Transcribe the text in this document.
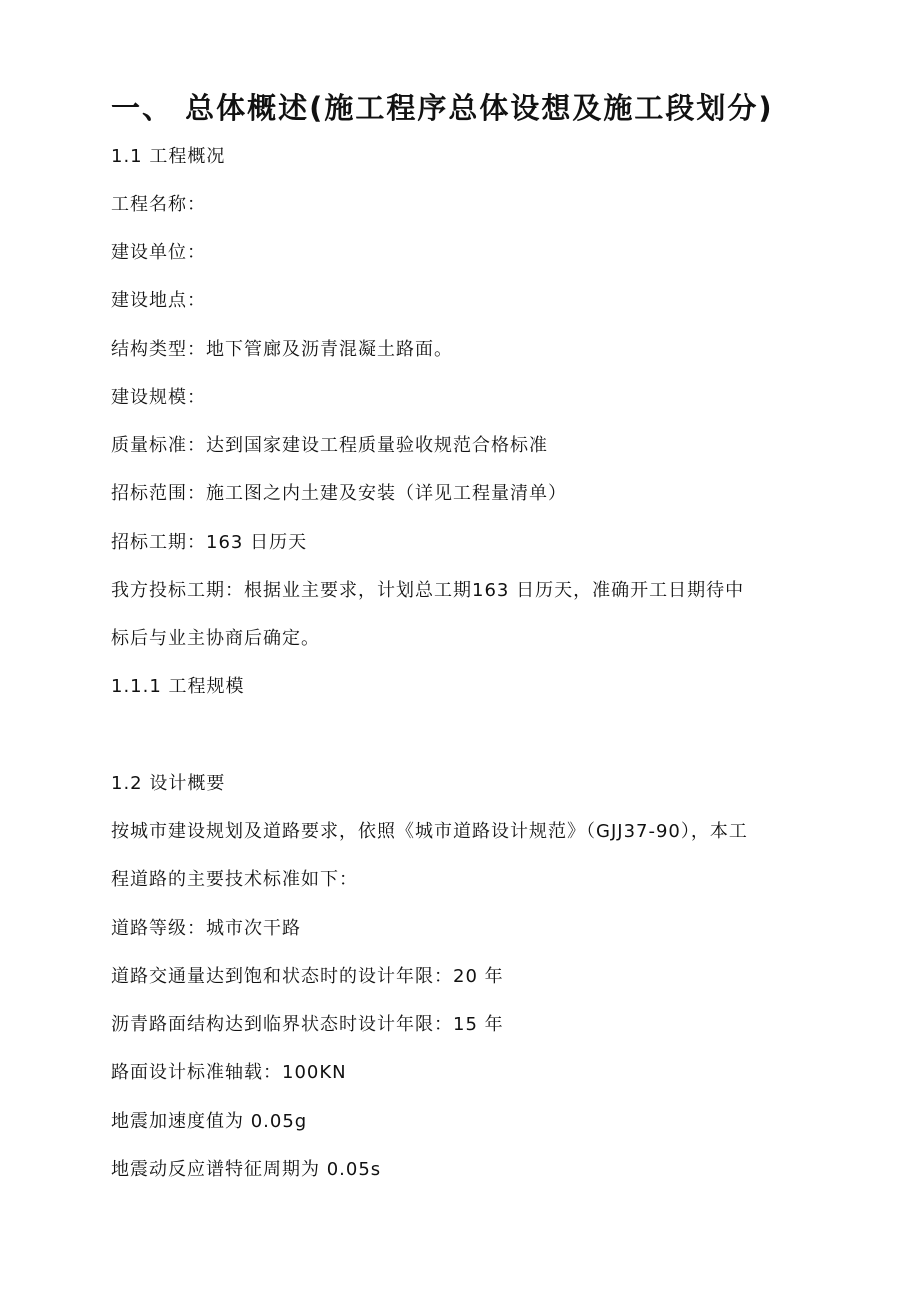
一、 总体概述(施工程序总体设想及施工段划分)
1.1 工程概况
工程名称：
建设单位：
建设地点：
结构类型：地下管廊及沥青混凝土路面。
建设规模：
质量标准：达到国家建设工程质量验收规范合格标准
招标范围：施工图之内土建及安装（详见工程量清单）
招标工期：163 日历天
我方投标工期：根据业主要求，计划总工期163 日历天，准确开工日期待中
标后与业主协商后确定。
1.1.1 工程规模
1.2 设计概要
按城市建设规划及道路要求，依照《城市道路设计规范》（GJJ37-90），本工
程道路的主要技术标准如下：
道路等级：城市次干路
道路交通量达到饱和状态时的设计年限：20 年
沥青路面结构达到临界状态时设计年限：15 年
路面设计标准轴载：100KN
地震加速度值为 0.05g
地震动反应谱特征周期为 0.05s
